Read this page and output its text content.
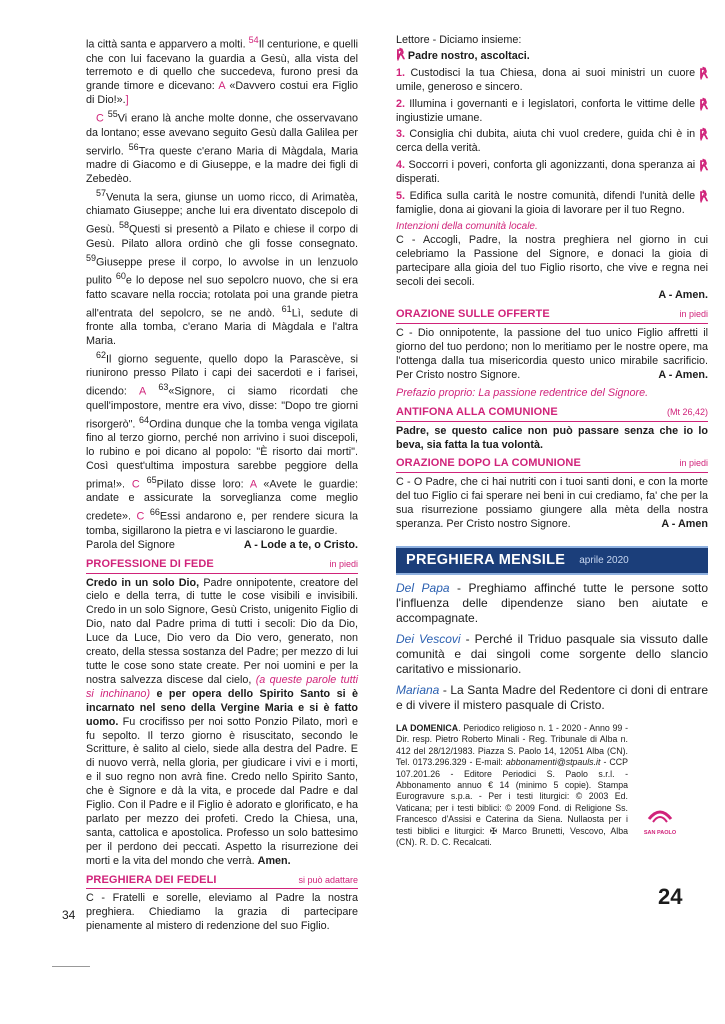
la città santa e apparvero a molti. $^{54}$Il centurione, e quelli che con lui facevano la guardia a Gesù, alla vista del terremoto e di quello che succedeva, furono presi da grande timore e dicevano: A «Davvero costui era Figlio di Dio!».]

C $^{55}$Vi erano là anche molte donne, che osservavano da lontano; esse avevano seguito Gesù dalla Galilea per servirlo. $^{56}$Tra queste c'erano Maria di Màgdala, Maria madre di Giacomo e di Giuseppe, e la madre dei figli di Zebedèo.

$^{57}$Venuta la sera, giunse un uomo ricco, di Arimatèa, chiamato Giuseppe; anche lui era diventato discepolo di Gesù. $^{58}$Questi si presentò a Pilato e chiese il corpo di Gesù. Pilato allora ordinò che gli fosse consegnato. $^{59}$Giuseppe prese il corpo, lo avvolse in un lenzuolo pulito $^{60}$e lo depose nel suo sepolcro nuovo, che si era fatto scavare nella roccia; rotolata poi una grande pietra all'entrata del sepolcro, se ne andò. $^{61}$Lì, sedute di fronte alla tomba, c'erano Maria di Màgdala e l'altra Maria.

$^{62}$Il giorno seguente, quello dopo la Parascève, si riunirono presso Pilato i capi dei sacerdoti e i farisei, dicendo: A $^{63}$«Signore, ci siamo ricordati che quell'impostore, mentre era vivo, disse: "Dopo tre giorni risorgerò". $^{64}$Ordina dunque che la tomba venga vigilata fino al terzo giorno, perché non arrivino i suoi discepoli, lo rubino e poi dicano al popolo: "È risorto dai morti". Così quest'ultima impostura sarebbe peggiore della prima!». C $^{65}$Pilato disse loro: A «Avete le guardie: andate e assicurate la sorveglianza come meglio credete». C $^{66}$Essi andarono e, per rendere sicura la tomba, sigillarono la pietra e vi lasciarono le guardie.

Parola del Signore	A - Lode a te, o Cristo.
PROFESSIONE DI FEDE	in piedi

Credo in un solo Dio, Padre onnipotente, creatore del cielo e della terra, di tutte le cose visibili e invisibili. Credo in un solo Signore, Gesù Cristo, unigenito Figlio di Dio, nato dal Padre prima di tutti i secoli: Dio da Dio, Luce da Luce, Dio vero da Dio vero, generato, non creato, della stessa sostanza del Padre; per mezzo di lui tutte le cose sono state create. Per noi uomini e per la nostra salvezza discese dal cielo, (a queste parole tutti si inchinano) e per opera dello Spirito Santo si è incarnato nel seno della Vergine Maria e si è fatto uomo. Fu crocifisso per noi sotto Ponzio Pilato, morì e fu sepolto. Il terzo giorno è risuscitato, secondo le Scritture, è salito al cielo, siede alla destra del Padre. E di nuovo verrà, nella gloria, per giudicare i vivi e i morti, e il suo regno non avrà fine. Credo nello Spirito Santo, che è Signore e dà la vita, e procede dal Padre e dal Figlio. Con il Padre e il Figlio è adorato e glorificato, e ha parlato per mezzo dei profeti. Credo la Chiesa, una, santa, cattolica e apostolica. Professo un solo battesimo per il perdono dei peccati. Aspetto la risurrezione dei morti e la vita del mondo che verrà. Amen.

PREGHIERA DEI FEDELI	si può adattare

C - Fratelli e sorelle, eleviamo al Padre la nostra preghiera. Chiediamo la grazia di partecipare pienamente al mistero di redenzione del suo Figlio.

34
Lettore - Diciamo insieme:
℟ Padre nostro, ascoltaci.

℟
1. Custodisci la tua Chiesa, dona ai suoi ministri un cuore umile, generoso e sincero.

℟
2. Illumina i governanti e i legislatori, conforta le vittime delle ingiustizie umane.

℟
3. Consiglia chi dubita, aiuta chi vuol credere, guida chi è in cerca della verità.

℟
4. Soccorri i poveri, conforta gli agonizzanti, dona speranza ai disperati.

℟
5. Edifica sulla carità le nostre comunità, difendi l'unità delle famiglie, dona ai giovani la gioia di lavorare per il tuo Regno.

Intenzioni della comunità locale.

C - Accogli, Padre, la nostra preghiera nel giorno in cui celebriamo la Passione del Signore, e donaci la gioia di partecipare alla gioia del tuo Figlio risorto, che vive e regna nei secoli dei secoli.

A - Amen.
ORAZIONE SULLE OFFERTE	in piedi

C - Dio onnipotente, la passione del tuo unico Figlio affretti il giorno del tuo perdono; non lo meritiamo per le nostre opere, ma l'ottenga dalla tua misericordia questo unico mirabile sacrificio. Per Cristo nostro Signore.	A - Amen.

Prefazio proprio: La passione redentrice del Signore.

ANTIFONA ALLA COMUNIONE	(Mt 26,42)

Padre, se questo calice non può passare senza che io lo beva, sia fatta la tua volontà.

ORAZIONE DOPO LA COMUNIONE	in piedi

C - O Padre, che ci hai nutriti con i tuoi santi doni, e con la morte del tuo Figlio ci fai sperare nei beni in cui crediamo, fa' che per la sua risurrezione possiamo giungere alla mèta della nostra speranza. Per Cristo nostro Signore.	A - Amen

PREGHIERA MENSILE aprile 2020

Del Papa - Preghiamo affinché tutte le persone sotto l'influenza delle dipendenze siano ben aiutate e accompagnate.

Dei Vescovi - Perché il Triduo pasquale sia vissuto dalle comunità e dai singoli come sorgente dello slancio caritativo e missionario.

Mariana - La Santa Madre del Redentore ci doni di entrare e di vivere il mistero pasquale di Cristo.

LA DOMENICA. Periodico religioso n. 1 - 2020 - Anno 99 - Dir. resp. Pietro Roberto Minali - Reg. Tribunale di Alba n. 412 del 28/12/1983. Piazza S. Paolo 14, 12051 Alba (CN). Tel. 0173.296.329 - E-mail: abbonamenti@stpauls.it - CCP 107.201.26 - Editore Periodici S. Paolo s.r.l. - Abbonamento annuo € 14 (minimo 5 copie). Stampa Eurogravure s.p.a. - Per i testi liturgici: © 2003 Ed. Vaticana; per i testi biblici: © 2009 Fond. di Religione Ss. Francesco d'Assisi e Caterina da Siena. Nullaosta per i testi biblici e liturgici: ✠ Marco Brunetti, Vescovo, Alba (CN). R. D. C. Recalcati.

SAN PAOLO
24
